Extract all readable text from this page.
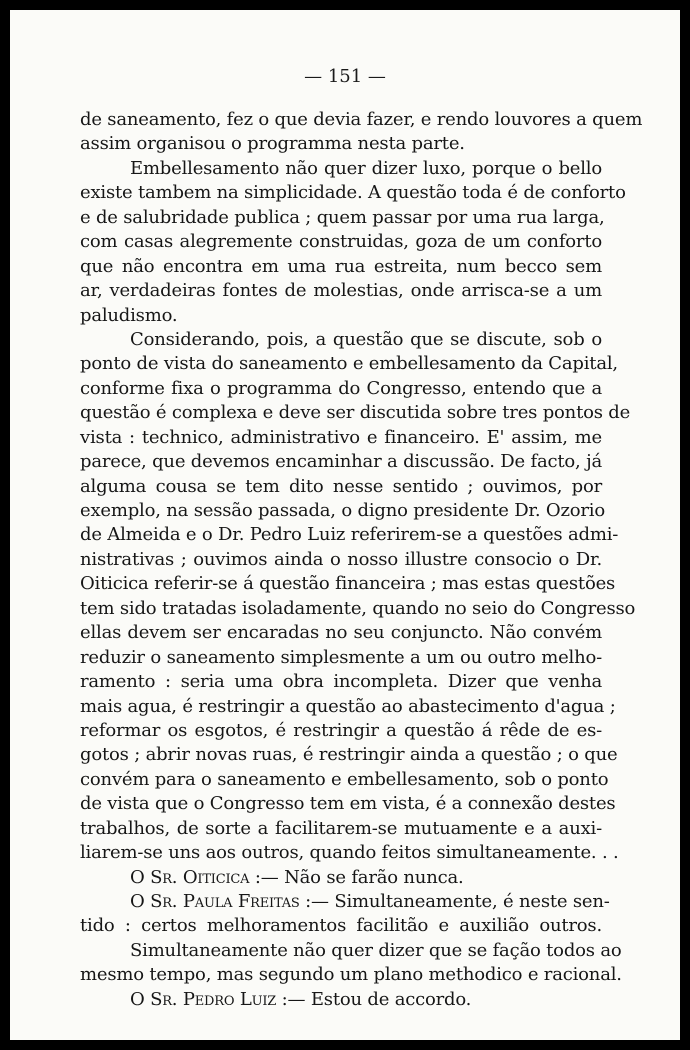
— 151 —
de saneamento, fez o que devia fazer, e rendo louvores a quem
assim organisou o programma nesta parte.
Embellesamento não quer dizer luxo, porque o bello
existe tambem na simplicidade. A questão toda é de conforto
e de salubridade publica ; quem passar por uma rua larga,
com casas alegremente construidas, goza de um conforto
que não encontra em uma rua estreita, num becco sem
ar, verdadeiras fontes de molestias, onde arrisca-se a um
paludismo.
Considerando, pois, a questão que se discute, sob o
ponto de vista do saneamento e embellesamento da Capital,
conforme fixa o programma do Congresso, entendo que a
questão é complexa e deve ser discutida sobre tres pontos de
vista : technico, administrativo e financeiro. E' assim, me
parece, que devemos encaminhar a discussão. De facto, já
alguma cousa se tem dito nesse sentido ; ouvimos, por
exemplo, na sessão passada, o digno presidente Dr. Ozorio
de Almeida e o Dr. Pedro Luiz referirem-se a questões admi-
nistrativas ; ouvimos ainda o nosso illustre consocio o Dr.
Oiticica referir-se á questão financeira ; mas estas questões
tem sido tratadas isoladamente, quando no seio do Congresso
ellas devem ser encaradas no seu conjuncto. Não convém
reduzir o saneamento simplesmente a um ou outro melho-
ramento : seria uma obra incompleta. Dizer que venha
mais agua, é restringir a questão ao abastecimento d'agua ;
reformar os esgotos, é restringir a questão á rêde de es-
gotos ; abrir novas ruas, é restringir ainda a questão ; o que
convém para o saneamento e embellesamento, sob o ponto
de vista que o Congresso tem em vista, é a connexão destes
trabalhos, de sorte a facilitarem-se mutuamente e a auxi-
liarem-se uns aos outros, quando feitos simultaneamente. . .
O Sr. Oiticica :— Não se farão nunca.
O Sr. Paula Freitas :— Simultaneamente, é neste sen-
tido : certos melhoramentos facilitão e auxilião outros.
Simultaneamente não quer dizer que se fação todos ao
mesmo tempo, mas segundo um plano methodico e racional.
O Sr. Pedro Luiz :— Estou de accordo.
